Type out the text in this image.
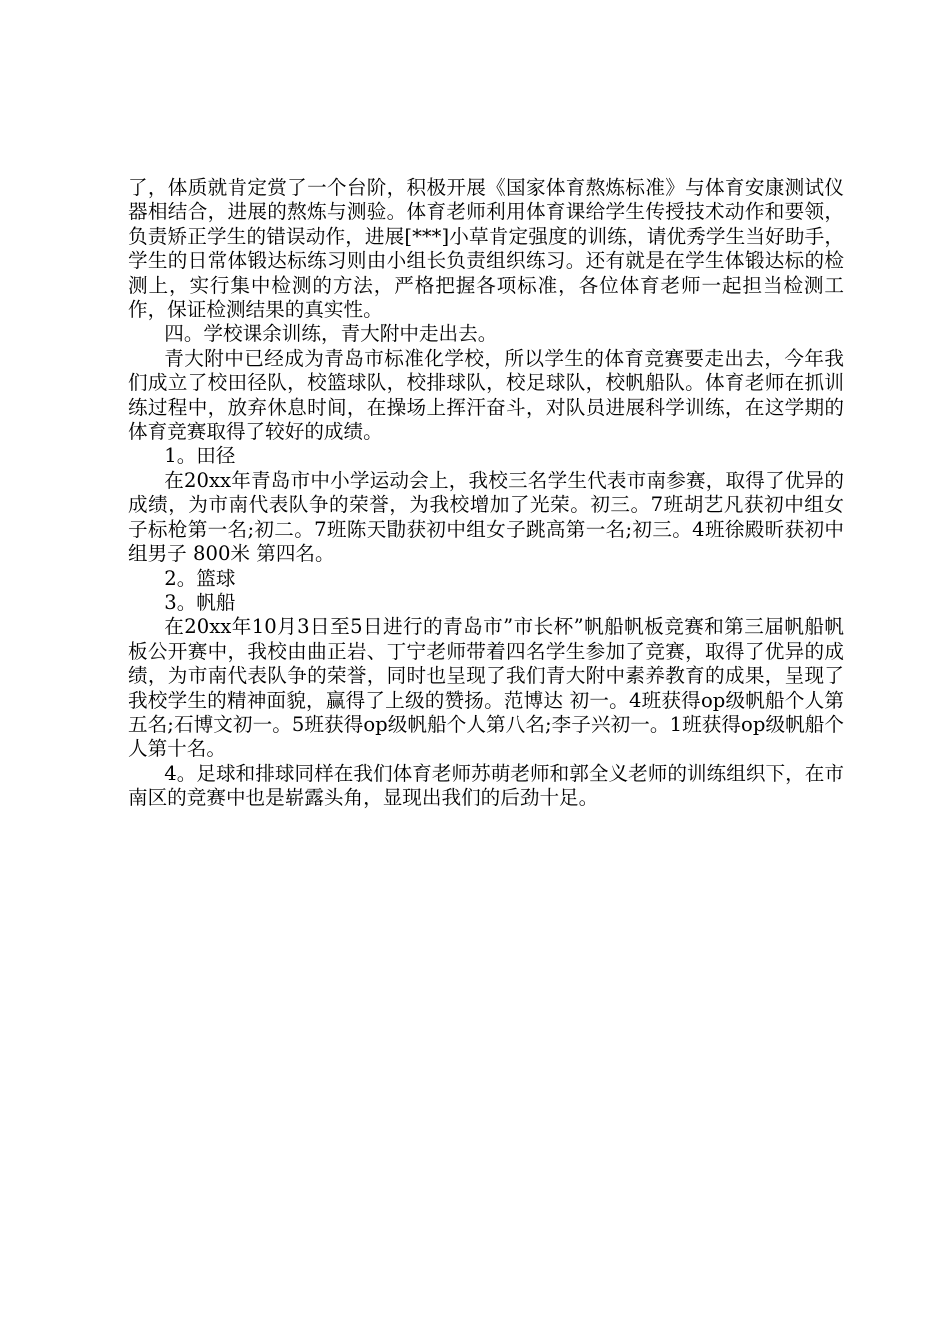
了，体质就肯定赏了一个台阶，积极开展《国家体育熬炼标准》与体育安康测试仪器相结合，进展的熬炼与测验。体育老师利用体育课给学生传授技术动作和要领，负责矫正学生的错误动作，进展[***]小草肯定强度的训练，请优秀学生当好助手，学生的日常体锻达标练习则由小组长负责组织练习。还有就是在学生体锻达标的检测上，实行集中检测的方法，严格把握各项标准，各位体育老师一起担当检测工作，保证检测结果的真实性。

四。学校课余训练，青大附中走出去。

青大附中已经成为青岛市标准化学校，所以学生的体育竞赛要走出去，今年我们成立了校田径队，校篮球队，校排球队，校足球队，校帆船队。体育老师在抓训练过程中，放弃休息时间，在操场上挥汗奋斗，对队员进展科学训练，在这学期的体育竞赛取得了较好的成绩。

1。田径

在20xx年青岛市中小学运动会上，我校三名学生代表市南参赛，取得了优异的成绩，为市南代表队争的荣誉，为我校增加了光荣。初三。7班胡艺凡获初中组女子标枪第一名;初二。7班陈天勖获初中组女子跳高第一名;初三。4班徐殿昕获初中组男子 800米 第四名。

2。篮球

3。帆船

在20xx年10月3日至5日进行的青岛市”市长杯”帆船帆板竞赛和第三届帆船帆板公开赛中，我校由曲正岩、丁宁老师带着四名学生参加了竞赛，取得了优异的成绩，为市南代表队争的荣誉，同时也呈现了我们青大附中素养教育的成果，呈现了我校学生的精神面貌，赢得了上级的赞扬。范博达 初一。4班获得op级帆船个人第五名;石博文初一。5班获得op级帆船个人第八名;李子兴初一。1班获得op级帆船个人第十名。

4。足球和排球同样在我们体育老师苏萌老师和郭全义老师的训练组织下，在市南区的竞赛中也是崭露头角，显现出我们的后劲十足。
